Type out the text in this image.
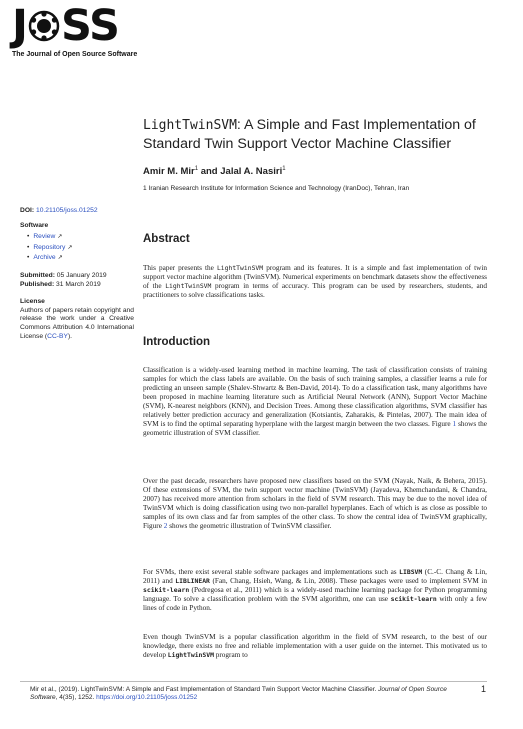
J SS
The Journal of Open Source Software
LightTwinSVM: A Simple and Fast Implementation of Standard Twin Support Vector Machine Classifier
Amir M. Mir$^1$ and Jalal A. Nasiri$^1$
1 Iranian Research Institute for Information Science and Technology (IranDoc), Tehran, Iran
DOI: 10.21105/joss.01252
Software
• Review ↗
• Repository ↗
• Archive ↗
Submitted: 05 January 2019
Published: 31 March 2019
License
Authors of papers retain copyright and release the work under a Creative Commons Attribution 4.0 International License (CC-BY).
Abstract
This paper presents the LightTwinSVM program and its features. It is a simple and fast implementation of twin support vector machine algorithm (TwinSVM). Numerical experiments on benchmark datasets show the effectiveness of the LightTwinSVM program in terms of accuracy. This program can be used by researchers, students, and practitioners to solve classifications tasks.
Introduction
Classification is a widely-used learning method in machine learning. The task of classification consists of training samples for which the class labels are available. On the basis of such training samples, a classifier learns a rule for predicting an unseen sample (Shalev-Shwartz & Ben-David, 2014). To do a classification task, many algorithms have been proposed in machine learning literature such as Artificial Neural Network (ANN), Support Vector Machine (SVM), K-nearest neighbors (KNN), and Decision Trees. Among these classification algorithms, SVM classifier has relatively better prediction accuracy and generalization (Kotsiantis, Zaharakis, & Pintelas, 2007). The main idea of SVM is to find the optimal separating hyperplane with the largest margin between the two classes. Figure 1 shows the geometric illustration of SVM classifier.
Over the past decade, researchers have proposed new classifiers based on the SVM (Nayak, Naik, & Behera, 2015). Of these extensions of SVM, the twin support vector machine (TwinSVM) (Jayadeva, Khemchandani, & Chandra, 2007) has received more attention from scholars in the field of SVM research. This may be due to the novel idea of TwinSVM which is doing classification using two non-parallel hyperplanes. Each of which is as close as possible to samples of its own class and far from samples of the other class. To show the central idea of TwinSVM graphically, Figure 2 shows the geometric illustration of TwinSVM classifier.
For SVMs, there exist several stable software packages and implementations such as LIBSVM (C.-C. Chang & Lin, 2011) and LIBLINEAR (Fan, Chang, Hsieh, Wang, & Lin, 2008). These packages were used to implement SVM in scikit-learn (Pedregosa et al., 2011) which is a widely-used machine learning package for Python programming language. To solve a classification problem with the SVM algorithm, one can use scikit-learn with only a few lines of code in Python.
Even though TwinSVM is a popular classification algorithm in the field of SVM research, to the best of our knowledge, there exists no free and reliable implementation with a user guide on the internet. This motivated us to develop LightTwinSVM program to
Mir et al., (2019). LightTwinSVM: A Simple and Fast Implementation of Standard Twin Support Vector Machine Classifier. Journal of Open Source Software, 4(35), 1252. https://doi.org/10.21105/joss.01252
1
